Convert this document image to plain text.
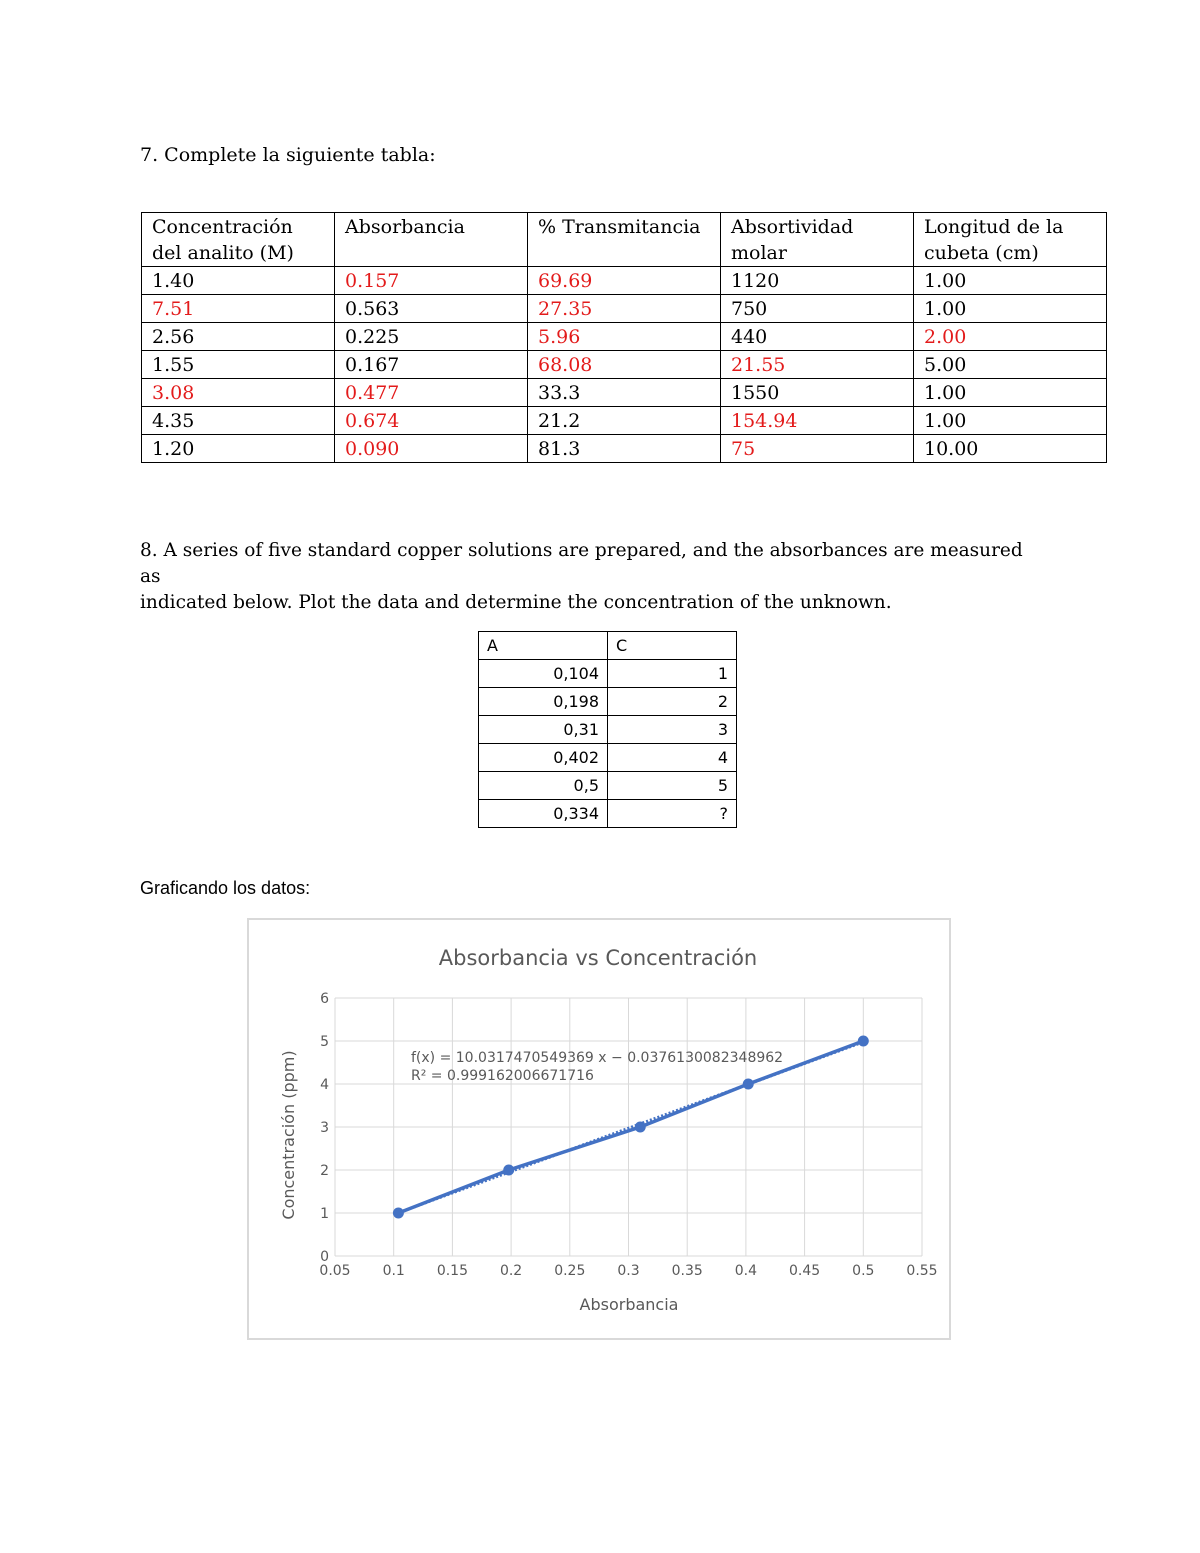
7. Complete la siguiente tabla:
Concentración del analito (M)	Absorbancia	% Transmitancia	Absortividad molar	Longitud de la cubeta (cm)
1.40	0.157	69.69	1120	1.00
7.51	0.563	27.35	750	1.00
2.56	0.225	5.96	440	2.00
1.55	0.167	68.08	21.55	5.00
3.08	0.477	33.3	1550	1.00
4.35	0.674	21.2	154.94	1.00
1.20	0.090	81.3	75	10.00
8. A series of five standard copper solutions are prepared, and the absorbances are measured as
indicated below. Plot the data and determine the concentration of the unknown.
A	C
0,104	1
0,198	2
0,31	3
0,402	4
0,5	5
0,334	?
Graficando los datos:
0.05 0.1 0.15 0.2 0.25 0.3 0.35 0.4 0.45 0.5 0.55
0
1
2
3
4
5
6
Absorbancia vs Concentración
Absorbancia
Concentración (ppm)	f(x) = 10.0317470549369 x − 0.0376130082348962
R² = 0.999162006671716
